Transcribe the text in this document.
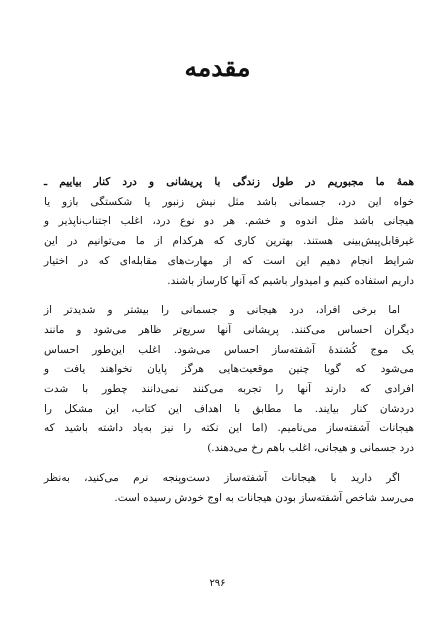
مقدمه

همهٔ ما مجبوریم در طول زندگی با پریشانی و درد کنار بیاییم ـ
خواه این درد، جسمانی باشد مثل نیش زنبور یا شکستگی بازو یا
هیجانی باشد مثل اندوه و خشم. هر دو نوع درد، اغلب اجتناب‌ناپذیر و
غیرقابل‌پیش‌بینی هستند. بهترین کاری که هرکدام از ما می‌توانیم در این
شرایط انجام دهیم این است که از مهارت‌های مقابله‌ای که در اختیار
داریم استفاده کنیم و امیدوار باشیم که آنها کارساز باشند.

اما برخی افراد، درد هیجانی و جسمانی را بیشتر و شدیدتر از
دیگران احساس می‌کنند. پریشانی آنها سریع‌تر ظاهر می‌شود و مانند
یک موج کُشندهٔ آشفته‌ساز احساس می‌شود. اغلب این‌طور احساس
می‌شود که گویا چنین موقعیت‌هایی هرگز پایان نخواهند یافت و
افرادی که دارند آنها را تجربه می‌کنند نمی‌دانند چطور با شدت
دردشان کنار بیایند. ما مطابق با اهداف این کتاب، این مشکل را
هیجانات آشفته‌ساز می‌نامیم. (اما این نکته را نیز به‌یاد داشته باشید که
درد جسمانی و هیجانی، اغلب باهم رخ می‌دهند.)

اگر دارید با هیجانات آشفته‌ساز دست‌وپنجه نرم می‌کنید، به‌نظر
می‌رسد شاخص آشفته‌ساز بودن هیجانات به اوج خودش رسیده است.

۲۹۶
